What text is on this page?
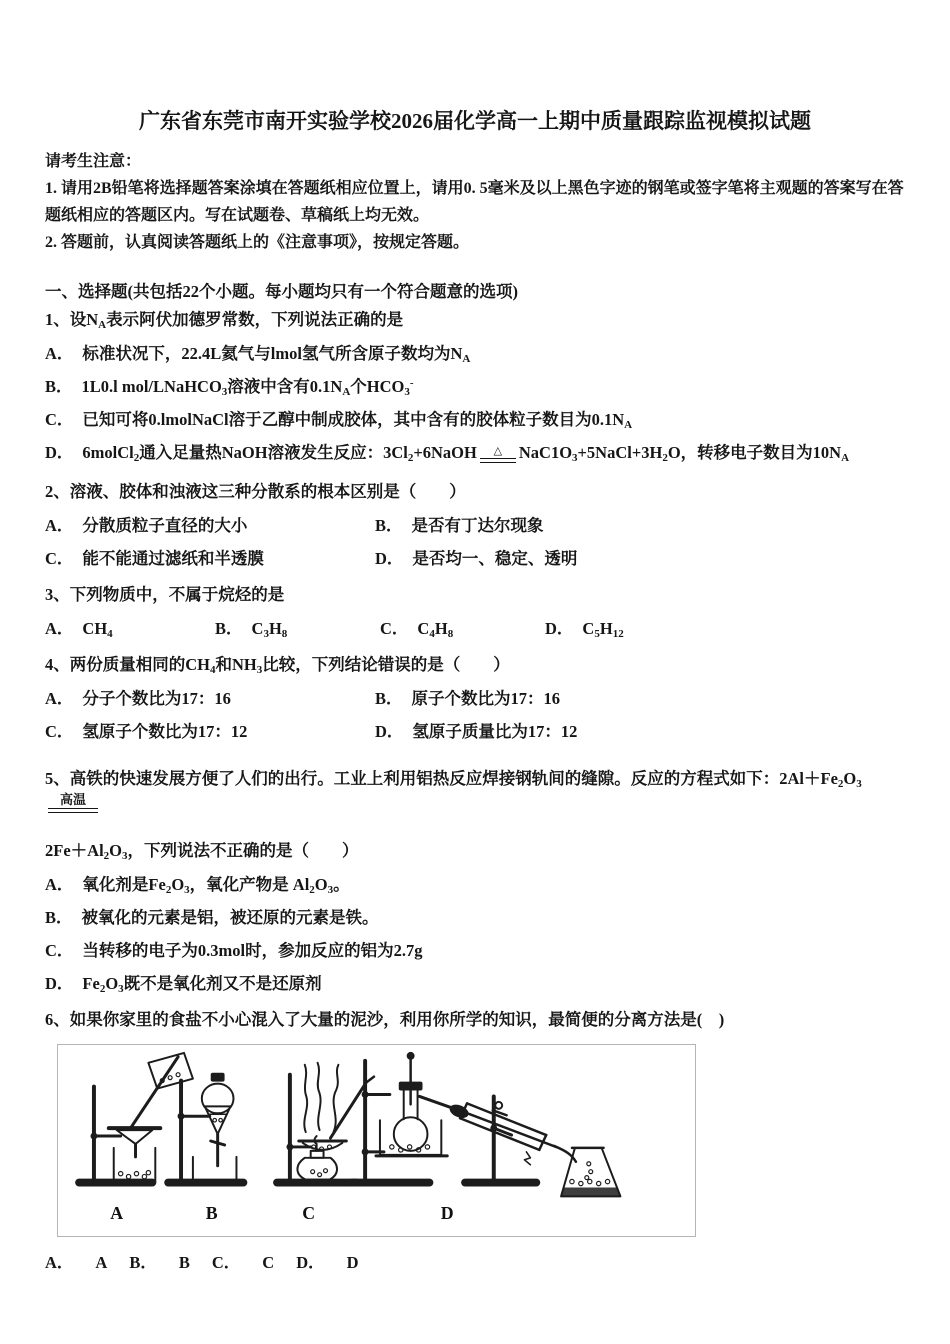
广东省东莞市南开实验学校2026届化学高一上期中质量跟踪监视模拟试题

请考生注意：

1. 请用2B铅笔将选择题答案涂填在答题纸相应位置上，请用0. 5毫米及以上黑色字迹的钢笔或签字笔将主观题的答案写在答题纸相应的答题区内。写在试题卷、草稿纸上均无效。

2. 答题前，认真阅读答题纸上的《注意事项》，按规定答题。

一、选择题(共包括22个小题。每小题均只有一个符合题意的选项)

1、设$N_A$表示阿伏加德罗常数，下列说法正确的是

A． 标准状况下，22.4L氦气与lmol氢气所含原子数均为$N_A$

B． 1L0.l mol/LNaHCO$_3$溶液中含有$0.1N_A$个$HCO_3^-$

C． 已知可将0.lmolNaCl溶于乙醇中制成胶体，其中含有的胶体粒子数目为$0.1N_A$

D． 6molCl$_2$通入足量热NaOH溶液发生反应：$3Cl_2+6NaOH$ △ $NaC1O_3+5NaCl+3H_2O$，转移电子数目为$10N_A$

2、溶液、胶体和浊液这三种分散系的根本区别是（　　）

A． 分散质粒子直径的大小	B． 是否有丁达尔现象

C． 能不能通过滤纸和半透膜	D． 是否均一、稳定、透明

3、下列物质中，不属于烷烃的是

A． $CH_4$	B． $C_3H_8$	C． $C_4H_8$	D． $C_5H_{12}$

4、两份质量相同的$CH_4$和$NH_3$比较，下列结论错误的是（　　）

A． 分子个数比为17：16	B． 原子个数比为17：16

C． 氢原子个数比为17：12	D． 氢原子质量比为17：12

5、高铁的快速发展方便了人们的出行。工业上利用铝热反应焊接钢轨间的缝隙。反应的方程式如下：$2Al+Fe_2O_3$
高温

$2Fe+Al_2O_3$，下列说法不正确的是（　　）

A． 氧化剂是$Fe_2O_3$，氧化产物是 $Al_2O_3$。

B． 被氧化的元素是铝，被还原的元素是铁。

C． 当转移的电子为0.3mol时，参加反应的铝为2.7g

D． $Fe_2O_3$既不是氧化剂又不是还原剂

6、如果你家里的食盐不小心混入了大量的泥沙，利用你所学的知识，最简便的分离方法是(　)

A	B	C	D
A． A B． B C． C D． D
